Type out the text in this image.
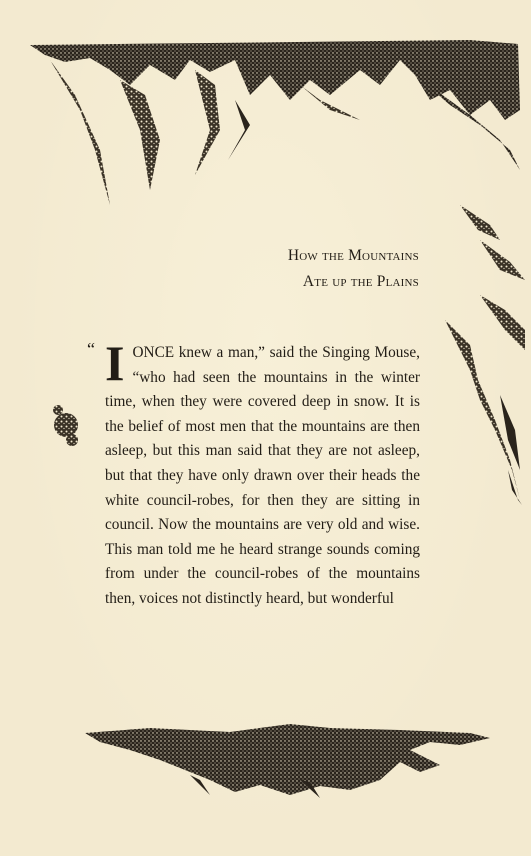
How the Mountains
Ate up the Plains
“ I ONCE knew a man,” said the Singing Mouse, “who had seen the mountains in the winter time, when they were covered deep in snow. It is the belief of most men that the mountains are then asleep, but this man said that they are not asleep, but that they have only drawn over their heads the white council-robes, for then they are sitting in council. Now the mountains are very old and wise. This man told me he heard strange sounds coming from under the council-robes of the mountains then, voices not distinctly heard, but wonderful
